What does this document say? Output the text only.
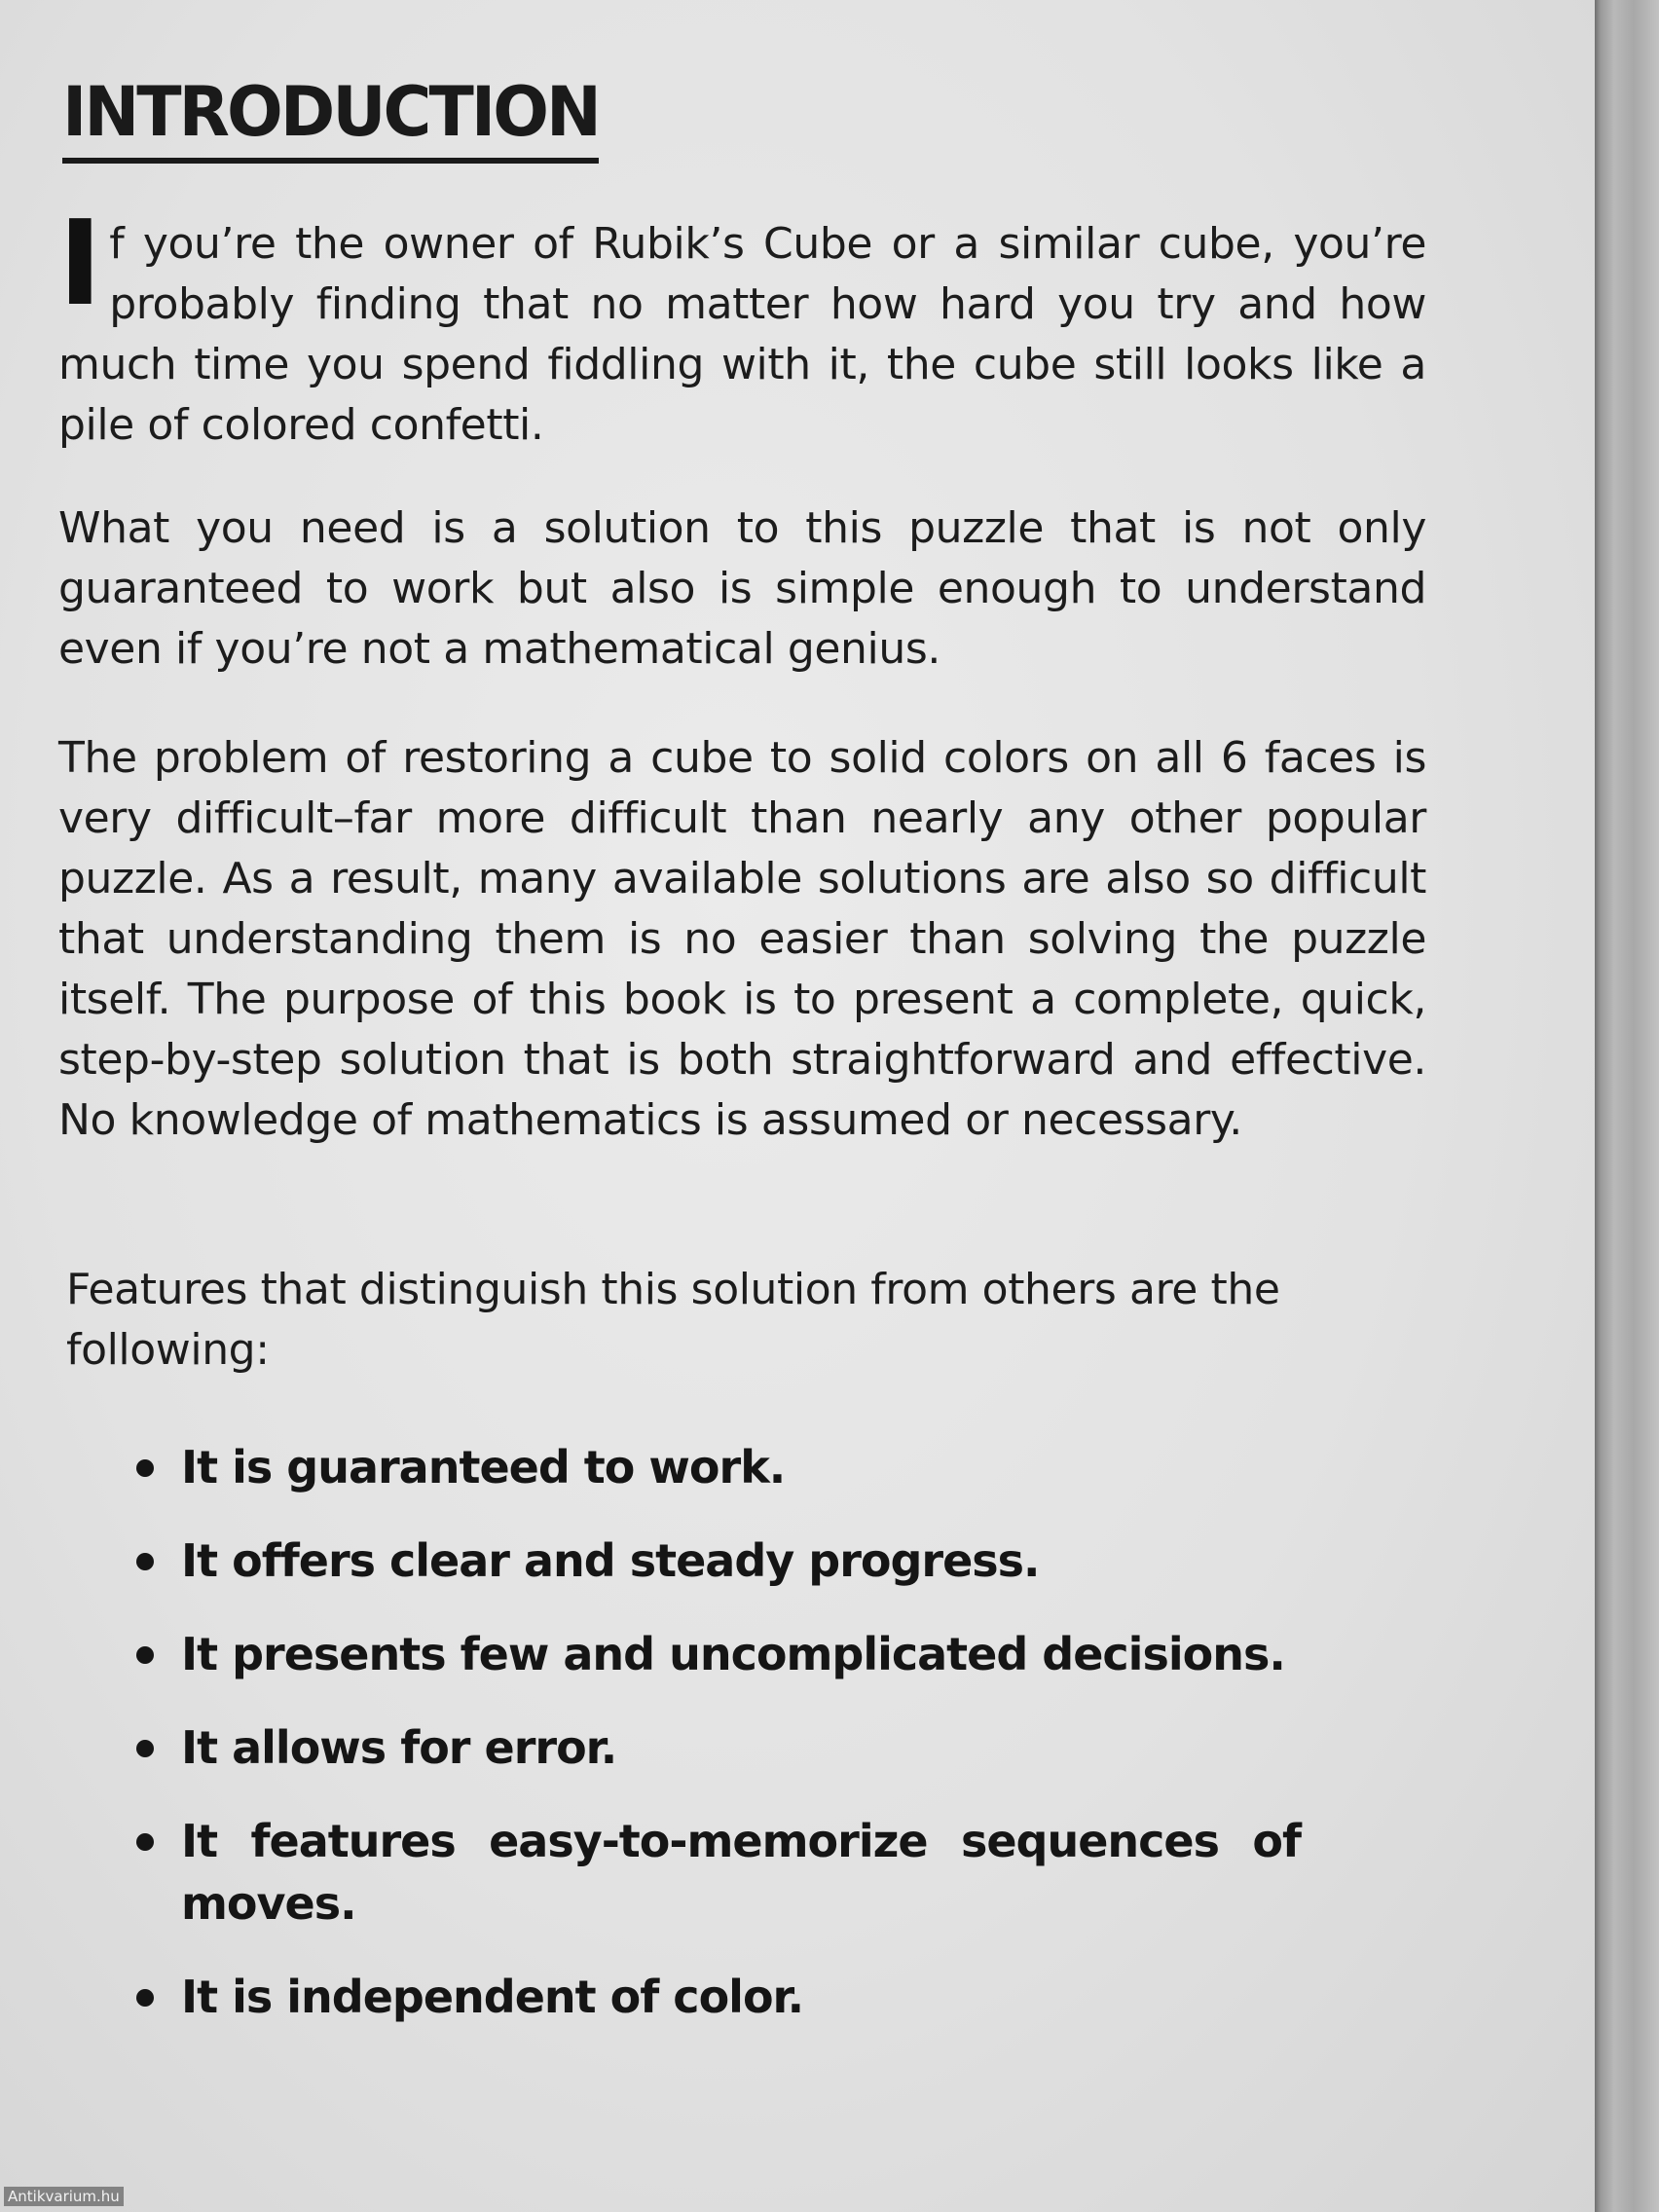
INTRODUCTION

If you’re the owner of Rubik’s Cube or a similar cube, you’re probably finding that no matter how hard you try and how much time you spend fiddling with it, the cube still looks like a pile of colored confetti.

What you need is a solution to this puzzle that is not only guaranteed to work but also is simple enough to understand even if you’re not a mathematical genius.

The problem of restoring a cube to solid colors on all 6 faces is very difficult–far more difficult than nearly any other popular puzzle. As a result, many available solutions are also so difficult that understanding them is no easier than solving the puzzle itself. The purpose of this book is to present a complete, quick, step-by-step solution that is both straightforward and effective. No knowledge of mathematics is assumed or necessary.

Features that distinguish this solution from others are the following:

It is guaranteed to work.
It offers clear and steady progress.
It presents few and uncomplicated decisions.
It allows for error.
It features easy-to-memorize sequences of moves.
It is independent of color.
Antikvarium.hu
